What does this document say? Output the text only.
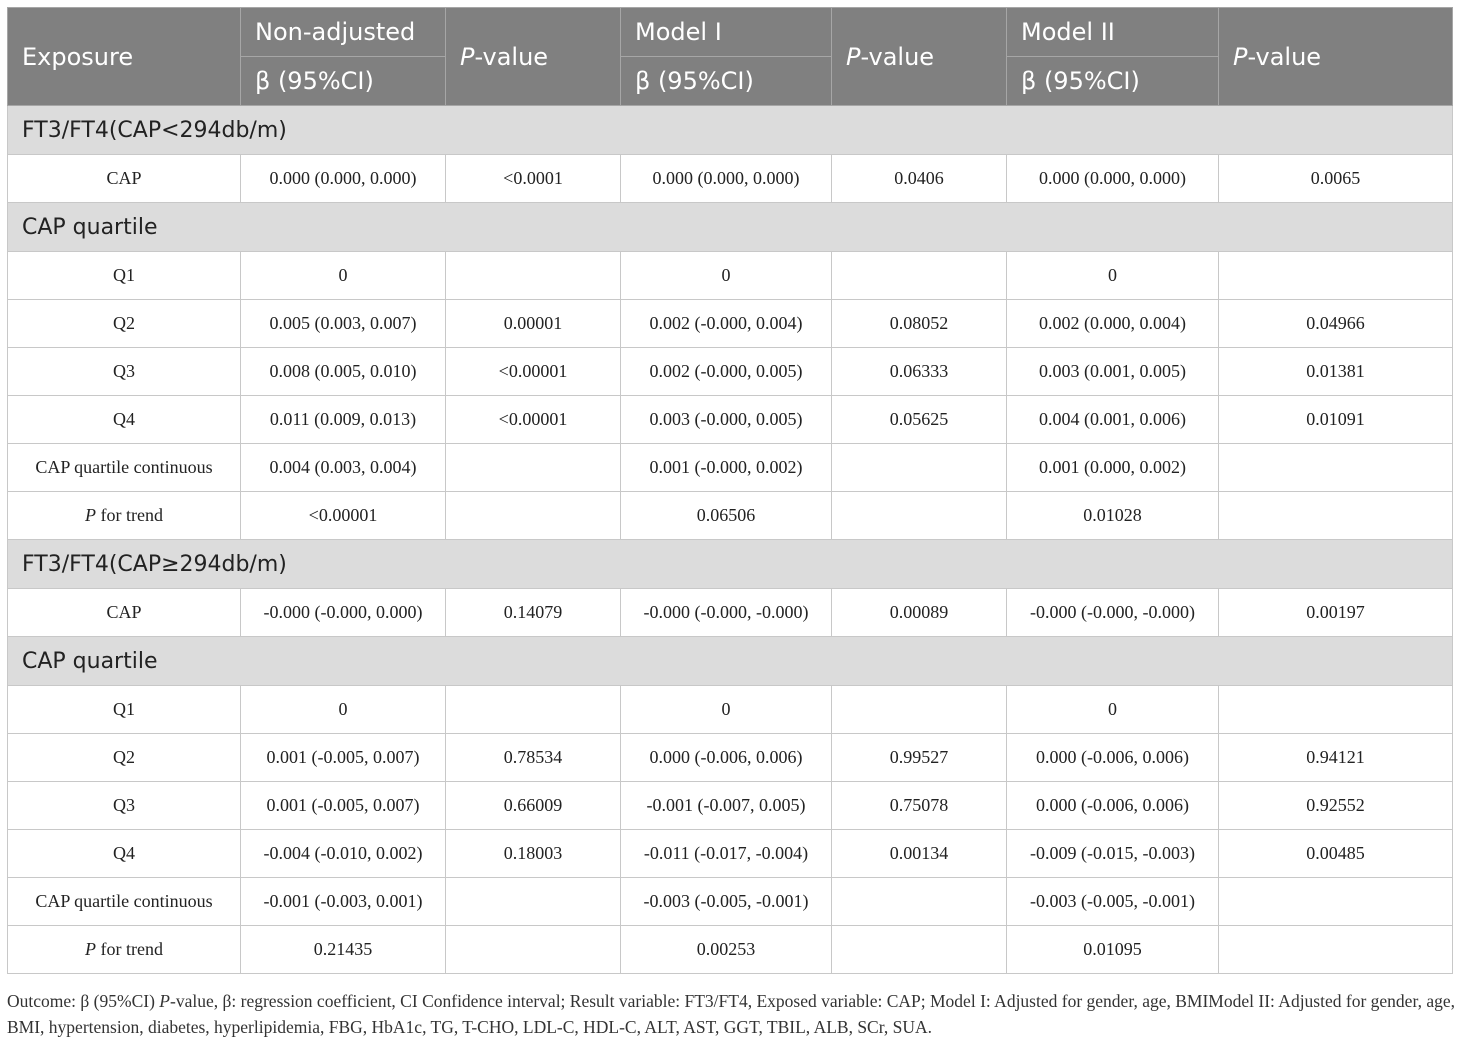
Exposure	Non-adjusted	P-value	Model I	P-value	Model II	P-value
	β (95%CI)		β (95%CI)		β (95%CI)	
FT3/FT4(CAP<294db/m)						
CAP	0.000 (0.000, 0.000)	<0.0001	0.000 (0.000, 0.000)	0.0406	0.000 (0.000, 0.000)	0.0065
CAP quartile						
Q1	0		0		0	
Q2	0.005 (0.003, 0.007)	0.00001	0.002 (-0.000, 0.004)	0.08052	0.002 (0.000, 0.004)	0.04966
Q3	0.008 (0.005, 0.010)	<0.00001	0.002 (-0.000, 0.005)	0.06333	0.003 (0.001, 0.005)	0.01381
Q4	0.011 (0.009, 0.013)	<0.00001	0.003 (-0.000, 0.005)	0.05625	0.004 (0.001, 0.006)	0.01091
CAP quartile continuous	0.004 (0.003, 0.004)		0.001 (-0.000, 0.002)		0.001 (0.000, 0.002)	
P for trend	<0.00001		0.06506		0.01028	
FT3/FT4(CAP≥294db/m)						
CAP	-0.000 (-0.000, 0.000)	0.14079	-0.000 (-0.000, -0.000)	0.00089	-0.000 (-0.000, -0.000)	0.00197
CAP quartile						
Q1	0		0		0	
Q2	0.001 (-0.005, 0.007)	0.78534	0.000 (-0.006, 0.006)	0.99527	0.000 (-0.006, 0.006)	0.94121
Q3	0.001 (-0.005, 0.007)	0.66009	-0.001 (-0.007, 0.005)	0.75078	0.000 (-0.006, 0.006)	0.92552
Q4	-0.004 (-0.010, 0.002)	0.18003	-0.011 (-0.017, -0.004)	0.00134	-0.009 (-0.015, -0.003)	0.00485
CAP quartile continuous	-0.001 (-0.003, 0.001)		-0.003 (-0.005, -0.001)		-0.003 (-0.005, -0.001)	
P for trend	0.21435		0.00253		0.01095	
Outcome: β (95%CI) P-value, β: regression coefficient, CI Confidence interval; Result variable: FT3/FT4, Exposed variable: CAP; Model I: Adjusted for gender, age, BMIModel II: Adjusted for gender, age, BMI, hypertension, diabetes, hyperlipidemia, FBG, HbA1c, TG, T-CHO, LDL-C, HDL-C, ALT, AST, GGT, TBIL, ALB, SCr, SUA.
